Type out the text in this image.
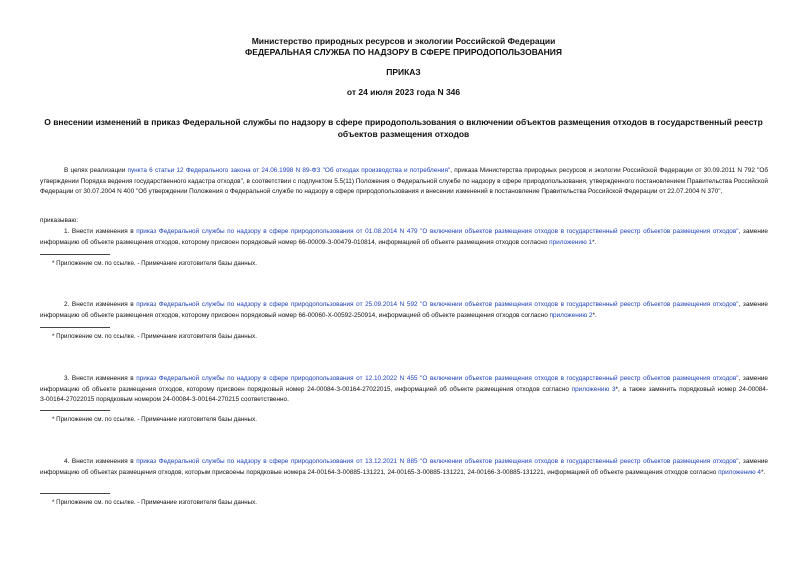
Министерство природных ресурсов и экологии Российской Федерации
ФЕДЕРАЛЬНАЯ СЛУЖБА ПО НАДЗОРУ В СФЕРЕ ПРИРОДОПОЛЬЗОВАНИЯ
ПРИКАЗ
от 24 июля 2023 года N 346
О внесении изменений в приказ Федеральной службы по надзору в сфере природопользования о включении объектов размещения отходов в государственный реестр объектов размещения отходов
В целях реализации пункта 6 статьи 12 Федерального закона от 24.06.1998 N 89-ФЗ "Об отходах производства и потребления", приказа Министерства природных ресурсов и экологии Российской Федерации от 30.09.2011 N 792 "Об утверждении Порядка ведения государственного кадастра отходов", в соответствии с подпунктом 5.5(11) Положения о Федеральной службе по надзору в сфере природопользования, утвержденного постановлением Правительства Российской Федерации от 30.07.2004 N 400 "Об утверждении Положения о Федеральной службе по надзору в сфере природопользования и внесении изменений в постановление Правительства Российской Федерации от 22.07.2004 N 370",
приказываю:
1. Внести изменения в приказ Федеральной службы по надзору в сфере природопользования от 01.08.2014 N 479 "О включении объектов размещения отходов в государственный реестр объектов размещения отходов", замение информацию об объекте размещения отходов, которому присвоен порядковый номер 66-00009-З-00479-010814, информацией об объекте размещения отходов согласно приложению 1*.
* Приложение см. по ссылке. - Примечание изготовителя базы данных.
2. Внести изменения в приказ Федеральной службы по надзору в сфере природопользования от 25.09.2014 N 592 "О включении объектов размещения отходов в государственный реестр объектов размещения отходов", замение информацию об объекте размещения отходов, которому присвоен порядковый номер 66-00060-Х-00592-250914, информацией об объекте размещения отходов согласно приложению 2*.
* Приложение см. по ссылке. - Примечание изготовителя базы данных.
3. Внести изменения в приказ Федеральной службы по надзору в сфере природопользования от 12.10.2022 N 455 "О включении объектов размещения отходов в государственный реестр объектов размещения отходов", замение информацию об объекте размещения отходов, которому присвоен порядковый номер 24-00084-З-00164-27022015, информацией об объекте размещения отходов согласно приложению 3*, а также заменить порядковый номер 24-00084-З-00164-27022015 порядковым номером 24-00084-З-00164-270215 соответственно.
* Приложение см. по ссылке. - Примечание изготовителя базы данных.
4. Внести изменения в приказ Федеральной службы по надзору в сфере природопользования от 13.12.2021 N 885 "О включении объектов размещения отходов в государственный реестр объектов размещения отходов", замение информацию об объектах размещения отходов, которым присвоены порядковые номера 24-00164-З-00885-131221, 24-00165-З-00885-131221, 24-00166-З-00885-131221, информацией об объекте размещения отходов согласно приложению 4*.
* Приложение см. по ссылке. - Примечание изготовителя базы данных.
